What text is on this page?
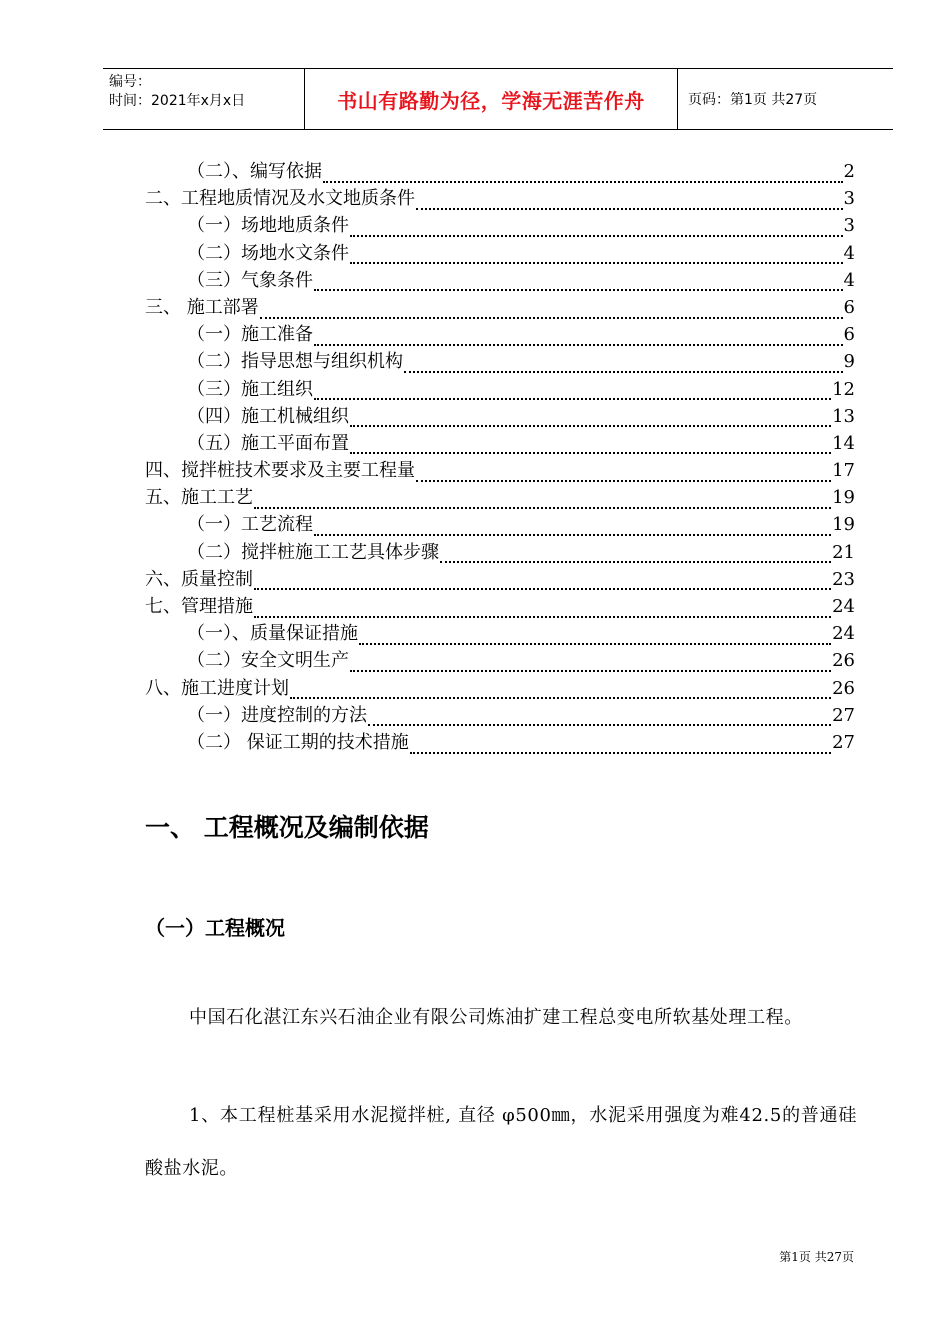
编号：
时间：2021年x月x日	书山有路勤为径，学海无涯苦作舟	页码：第1页 共27页
（二）、编写依据	2
二、工程地质情况及水文地质条件	3
（一）场地地质条件	3
（二）场地水文条件	4
（三）气象条件	4
三、 施工部署	6
（一）施工准备	6
（二）指导思想与组织机构	9
（三）施工组织	12
（四）施工机械组织	13
（五）施工平面布置	14
四、搅拌桩技术要求及主要工程量	17
五、施工工艺	19
（一）工艺流程	19
（二）搅拌桩施工工艺具体步骤	21
六、质量控制	23
七、管理措施	24
（一）、质量保证措施	24
（二）安全文明生产	26
八、施工进度计划	26
（一）进度控制的方法	27
（二） 保证工期的技术措施	27
一、 工程概况及编制依据
（一）工程概况
中国石化湛江东兴石油企业有限公司炼油扩建工程总变电所软基处理工程。
1、本工程桩基采用水泥搅拌桩, 直径 φ500㎜，水泥采用强度为难42.5的普通硅酸盐水泥。
第1页 共27页
